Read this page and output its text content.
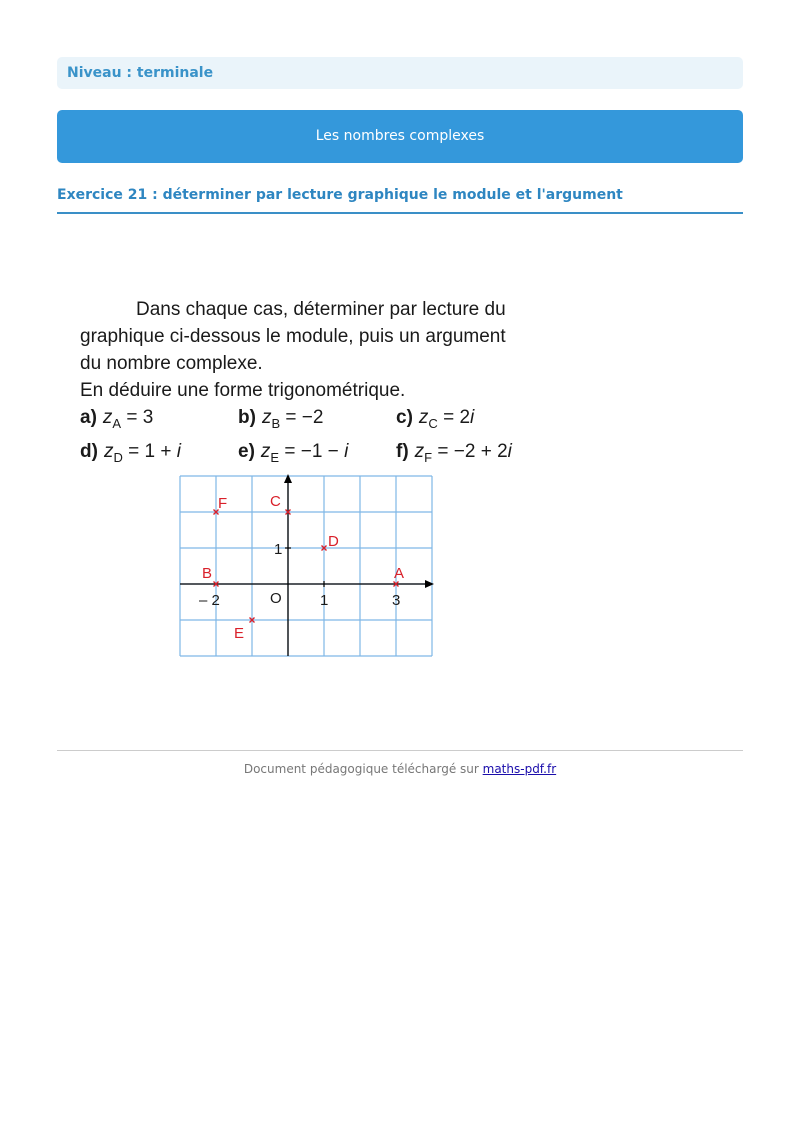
Niveau : terminale
Les nombres complexes
Exercice 21 : déterminer par lecture graphique le module et l'argument

Dans chaque cas, déterminer par lecture du
graphique ci-dessous le module, puis un argument
du nombre complexe.
En déduire une forme trigonométrique.

a) $z_A = 3$	b) $z_B = -2$	c) $z_C = 2i$
d) $z_D = 1 + i$	e) $z_E = -1 - i$	f) $z_F = -2 + 2i$
– 2	1	3
1
O
A
B
C
D
E
F
Document pédagogique téléchargé sur maths-pdf.fr
